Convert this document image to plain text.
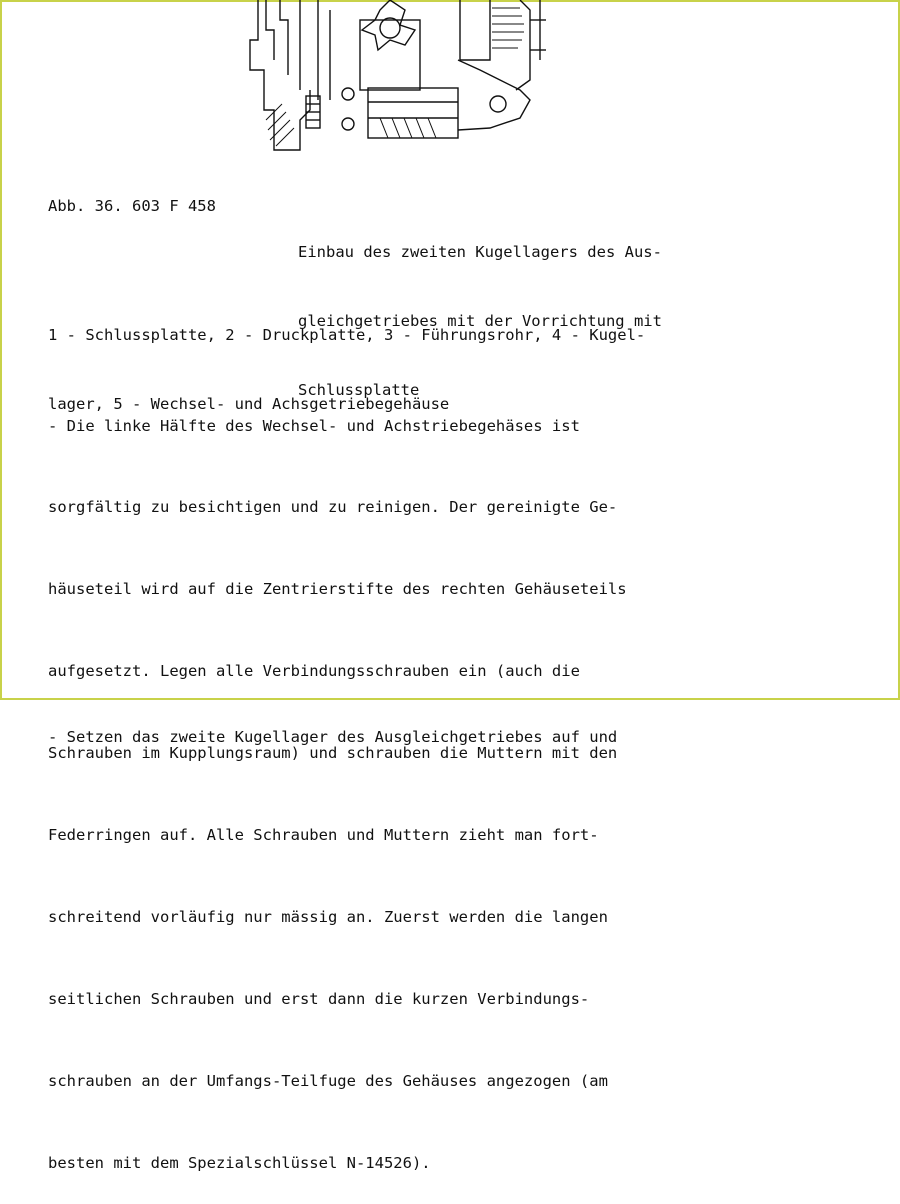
Abb. 36. 603 F 458

Einbau des zweiten Kugellagers des Aus-

gleichgetriebes mit der Vorrichtung mit

Schlussplatte

1 - Schlussplatte, 2 - Druckplatte, 3 - Führungsrohr, 4 - Kugel-

lager, 5 - Wechsel- und Achsgetriebegehäuse

- Die linke Hälfte des Wechsel- und Achstriebegehäses ist

sorgfältig zu besichtigen und zu reinigen. Der gereinigte Ge-

häuseteil wird auf die Zentrierstifte des rechten Gehäuseteils

aufgesetzt. Legen alle Verbindungsschrauben ein (auch die

Schrauben im Kupplungsraum) und schrauben die Muttern mit den

Federringen auf. Alle Schrauben und Muttern zieht man fort-

schreitend vorläufig nur mässig an. Zuerst werden die langen

seitlichen Schrauben und erst dann die kurzen Verbindungs-

schrauben an der Umfangs-Teilfuge des Gehäuses angezogen (am

besten mit dem Spezialschlüssel N-14526).

- Setzen das zweite Kugellager des Ausgleichgetriebes auf und
